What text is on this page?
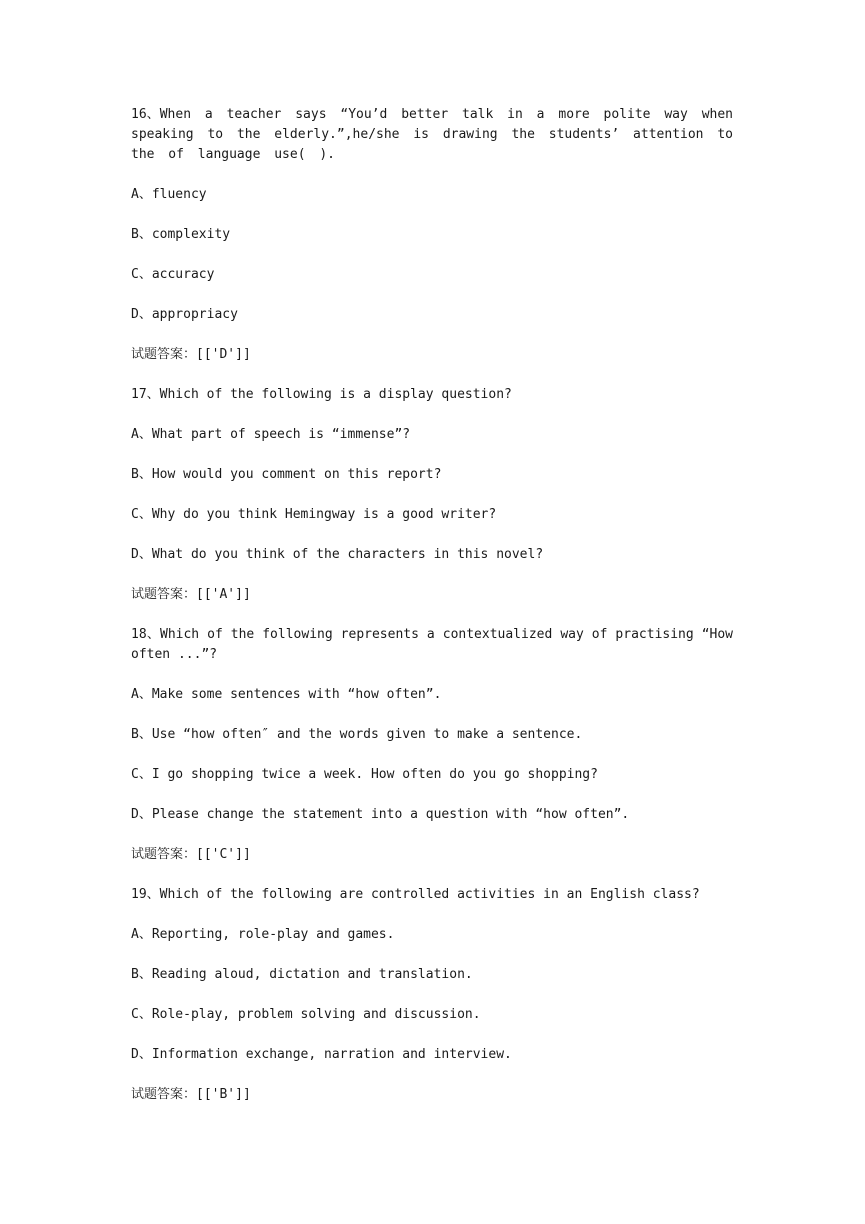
16、When a teacher says “You’d better talk in a more polite way when speaking to the elderly.”,he/she is drawing the students’ attention to the of language use( ).

A、fluency

B、complexity

C、accuracy

D、appropriacy

试题答案：[['D']]

17、Which of the following is a display question?

A、What part of speech is “immense”?

B、How would you comment on this report?

C、Why do you think Hemingway is a good writer?

D、What do you think of the characters in this novel?

试题答案：[['A']]

18、Which of the following represents a contextualized way of practising “How often ...”?

A、Make some sentences with “how often”.

B、Use “how often″ and the words given to make a sentence.

C、I go shopping twice a week. How often do you go shopping?

D、Please change the statement into a question with “how often”.

试题答案：[['C']]

19、Which of the following are controlled activities in an English class?

A、Reporting, role-play and games.

B、Reading aloud, dictation and translation.

C、Role-play, problem solving and discussion.

D、Information exchange, narration and interview.

试题答案：[['B']]
